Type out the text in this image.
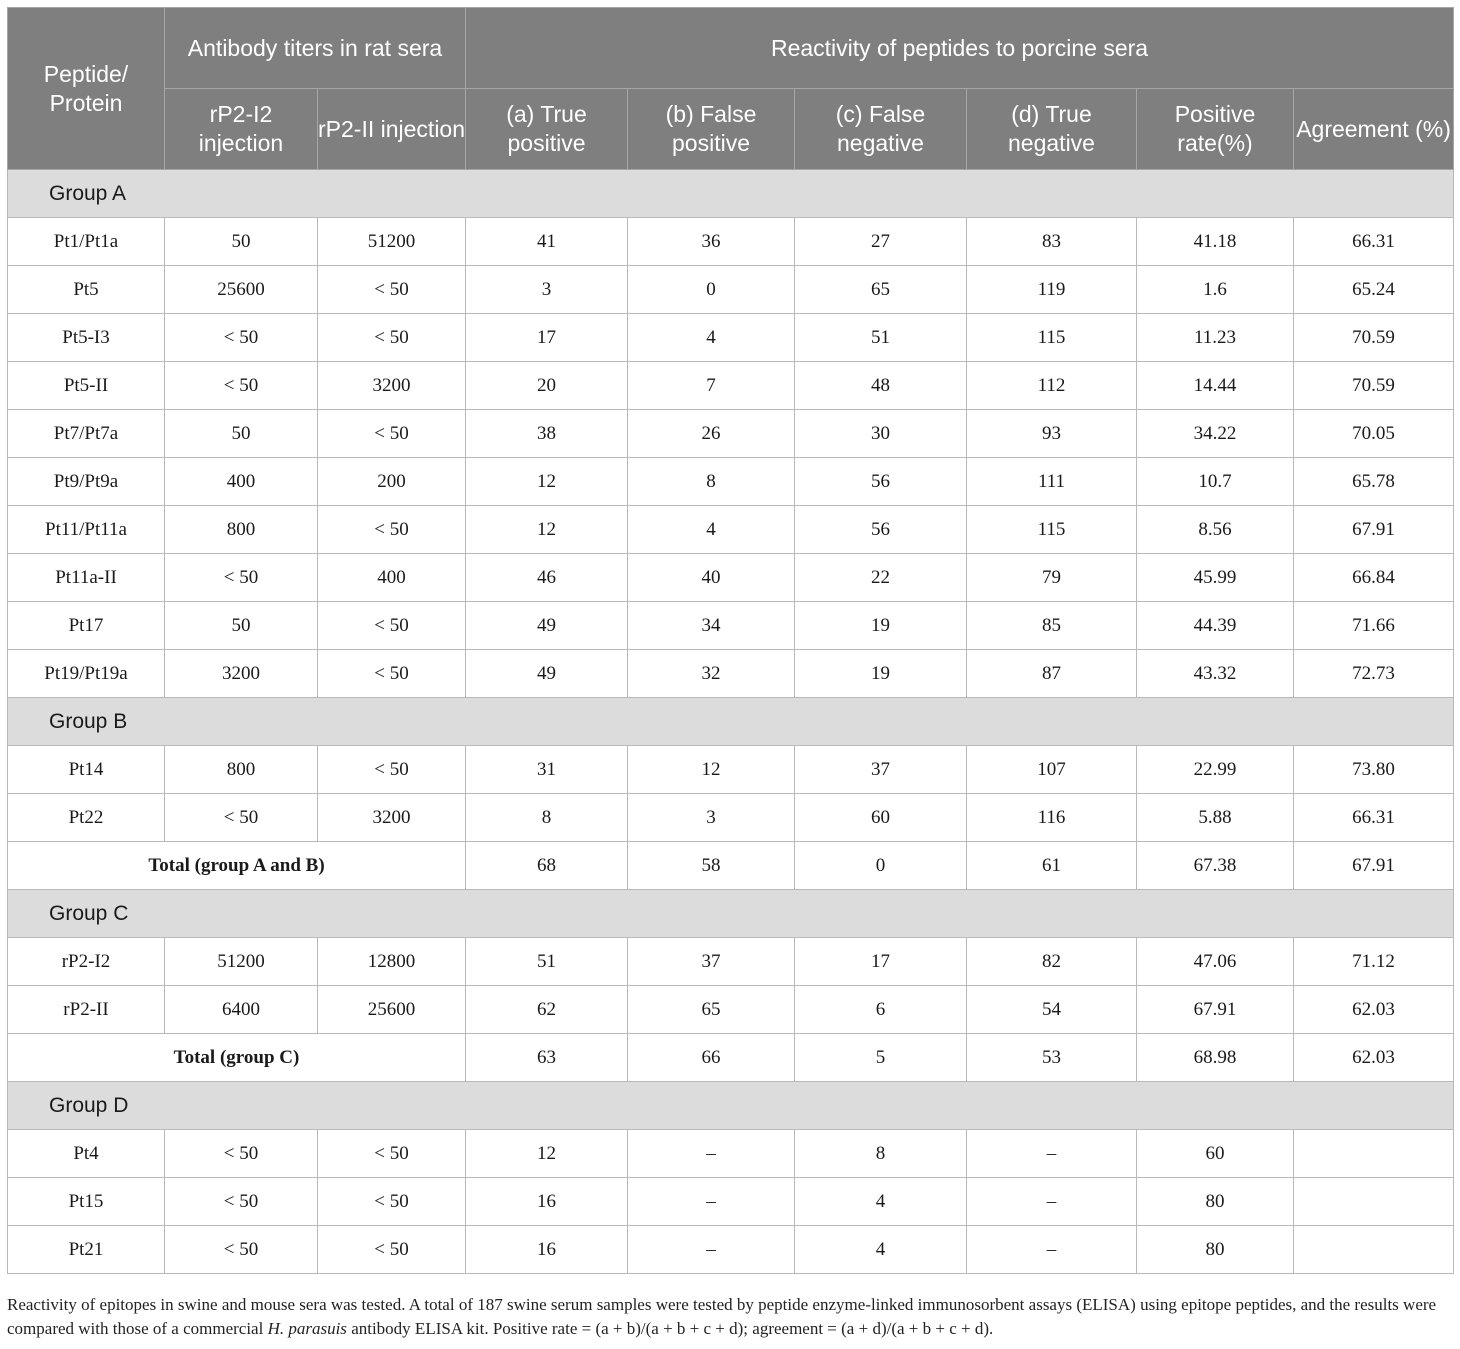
Peptide/ Protein	Antibody titers in rat sera		Reactivity of peptides to porcine sera					
	rP2-I2 injection	rP2-II injection	(a) True positive	(b) False positive	(c) False negative	(d) True negative	Positive rate(%)	Agreement (%)
Group A								
Pt1/Pt1a	50	51200	41	36	27	83	41.18	66.31
Pt5	25600	< 50	3	0	65	119	1.6	65.24
Pt5-I3	< 50	< 50	17	4	51	115	11.23	70.59
Pt5-II	< 50	3200	20	7	48	112	14.44	70.59
Pt7/Pt7a	50	< 50	38	26	30	93	34.22	70.05
Pt9/Pt9a	400	200	12	8	56	111	10.7	65.78
Pt11/Pt11a	800	< 50	12	4	56	115	8.56	67.91
Pt11a-II	< 50	400	46	40	22	79	45.99	66.84
Pt17	50	< 50	49	34	19	85	44.39	71.66
Pt19/Pt19a	3200	< 50	49	32	19	87	43.32	72.73
Group B								
Pt14	800	< 50	31	12	37	107	22.99	73.80
Pt22	< 50	3200	8	3	60	116	5.88	66.31
Total (group A and B)			68	58	0	61	67.38	67.91
Group C								
rP2-I2	51200	12800	51	37	17	82	47.06	71.12
rP2-II	6400	25600	62	65	6	54	67.91	62.03
Total (group C)			63	66	5	53	68.98	62.03
Group D								
Pt4	< 50	< 50	12	–	8	–	60	
Pt15	< 50	< 50	16	–	4	–	80	
Pt21	< 50	< 50	16	–	4	–	80	
Reactivity of epitopes in swine and mouse sera was tested. A total of 187 swine serum samples were tested by peptide enzyme-linked immunosorbent assays (ELISA) using epitope peptides, and the results were compared with those of a commercial H. parasuis antibody ELISA kit. Positive rate = (a + b)/(a + b + c + d); agreement = (a + d)/(a + b + c + d).
